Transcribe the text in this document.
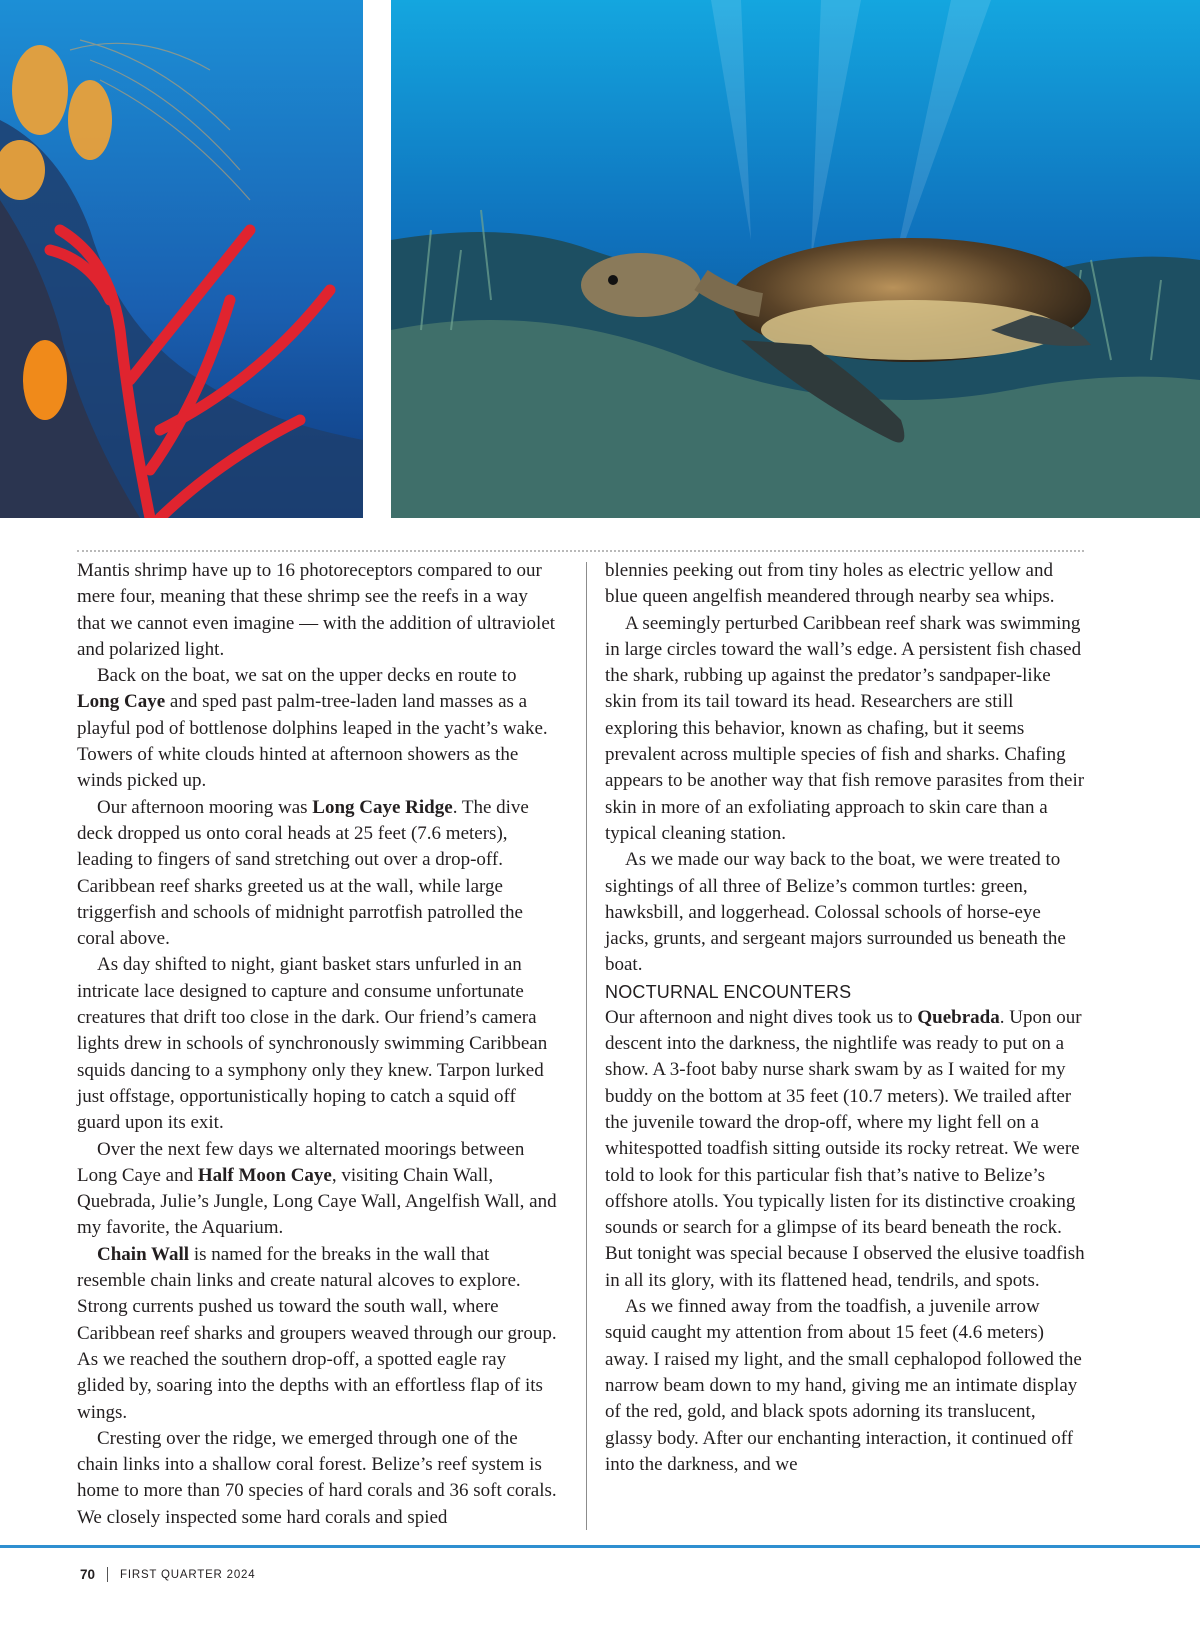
Mantis shrimp have up to 16 photoreceptors compared to our mere four, meaning that these shrimp see the reefs in a way that we cannot even imagine — with the addition of ultraviolet and polarized light.

Back on the boat, we sat on the upper decks en route to Long Caye and sped past palm-tree-laden land masses as a playful pod of bottlenose dolphins leaped in the yacht’s wake. Towers of white clouds hinted at afternoon showers as the winds picked up.

Our afternoon mooring was Long Caye Ridge. The dive deck dropped us onto coral heads at 25 feet (7.6 meters), leading to fingers of sand stretching out over a drop-off. Caribbean reef sharks greeted us at the wall, while large triggerfish and schools of midnight parrotfish patrolled the coral above.

As day shifted to night, giant basket stars unfurled in an intricate lace designed to capture and consume unfortunate creatures that drift too close in the dark. Our friend’s camera lights drew in schools of synchronously swimming Caribbean squids dancing to a symphony only they knew. Tarpon lurked just offstage, opportunistically hoping to catch a squid off guard upon its exit.

Over the next few days we alternated moorings between Long Caye and Half Moon Caye, visiting Chain Wall, Quebrada, Julie’s Jungle, Long Caye Wall, Angelfish Wall, and my favorite, the Aquarium.

Chain Wall is named for the breaks in the wall that resemble chain links and create natural alcoves to explore. Strong currents pushed us toward the south wall, where Caribbean reef sharks and groupers weaved through our group. As we reached the southern drop-off, a spotted eagle ray glided by, soaring into the depths with an effortless flap of its wings.

Cresting over the ridge, we emerged through one of the chain links into a shallow coral forest. Belize’s reef system is home to more than 70 species of hard corals and 36 soft corals. We closely inspected some hard corals and spied

blennies peeking out from tiny holes as electric yellow and blue queen angelfish meandered through nearby sea whips.

A seemingly perturbed Caribbean reef shark was swimming in large circles toward the wall’s edge. A persistent fish chased the shark, rubbing up against the predator’s sandpaper-like skin from its tail toward its head. Researchers are still exploring this behavior, known as chafing, but it seems prevalent across multiple species of fish and sharks. Chafing appears to be another way that fish remove parasites from their skin in more of an exfoliating approach to skin care than a typical cleaning station.

As we made our way back to the boat, we were treated to sightings of all three of Belize’s common turtles: green, hawksbill, and loggerhead. Colossal schools of horse-eye jacks, grunts, and sergeant majors surrounded us beneath the boat.

NOCTURNAL ENCOUNTERS

Our afternoon and night dives took us to Quebrada. Upon our descent into the darkness, the nightlife was ready to put on a show. A 3-foot baby nurse shark swam by as I waited for my buddy on the bottom at 35 feet (10.7 meters). We trailed after the juvenile toward the drop-off, where my light fell on a whitespotted toadfish sitting outside its rocky retreat. We were told to look for this particular fish that’s native to Belize’s offshore atolls. You typically listen for its distinctive croaking sounds or search for a glimpse of its beard beneath the rock. But tonight was special because I observed the elusive toadfish in all its glory, with its flattened head, tendrils, and spots.

As we finned away from the toadfish, a juvenile arrow squid caught my attention from about 15 feet (4.6 meters) away. I raised my light, and the small cephalopod followed the narrow beam down to my hand, giving me an intimate display of the red, gold, and black spots adorning its translucent, glassy body. After our enchanting interaction, it continued off into the darkness, and we

70 FIRST QUARTER 2024
